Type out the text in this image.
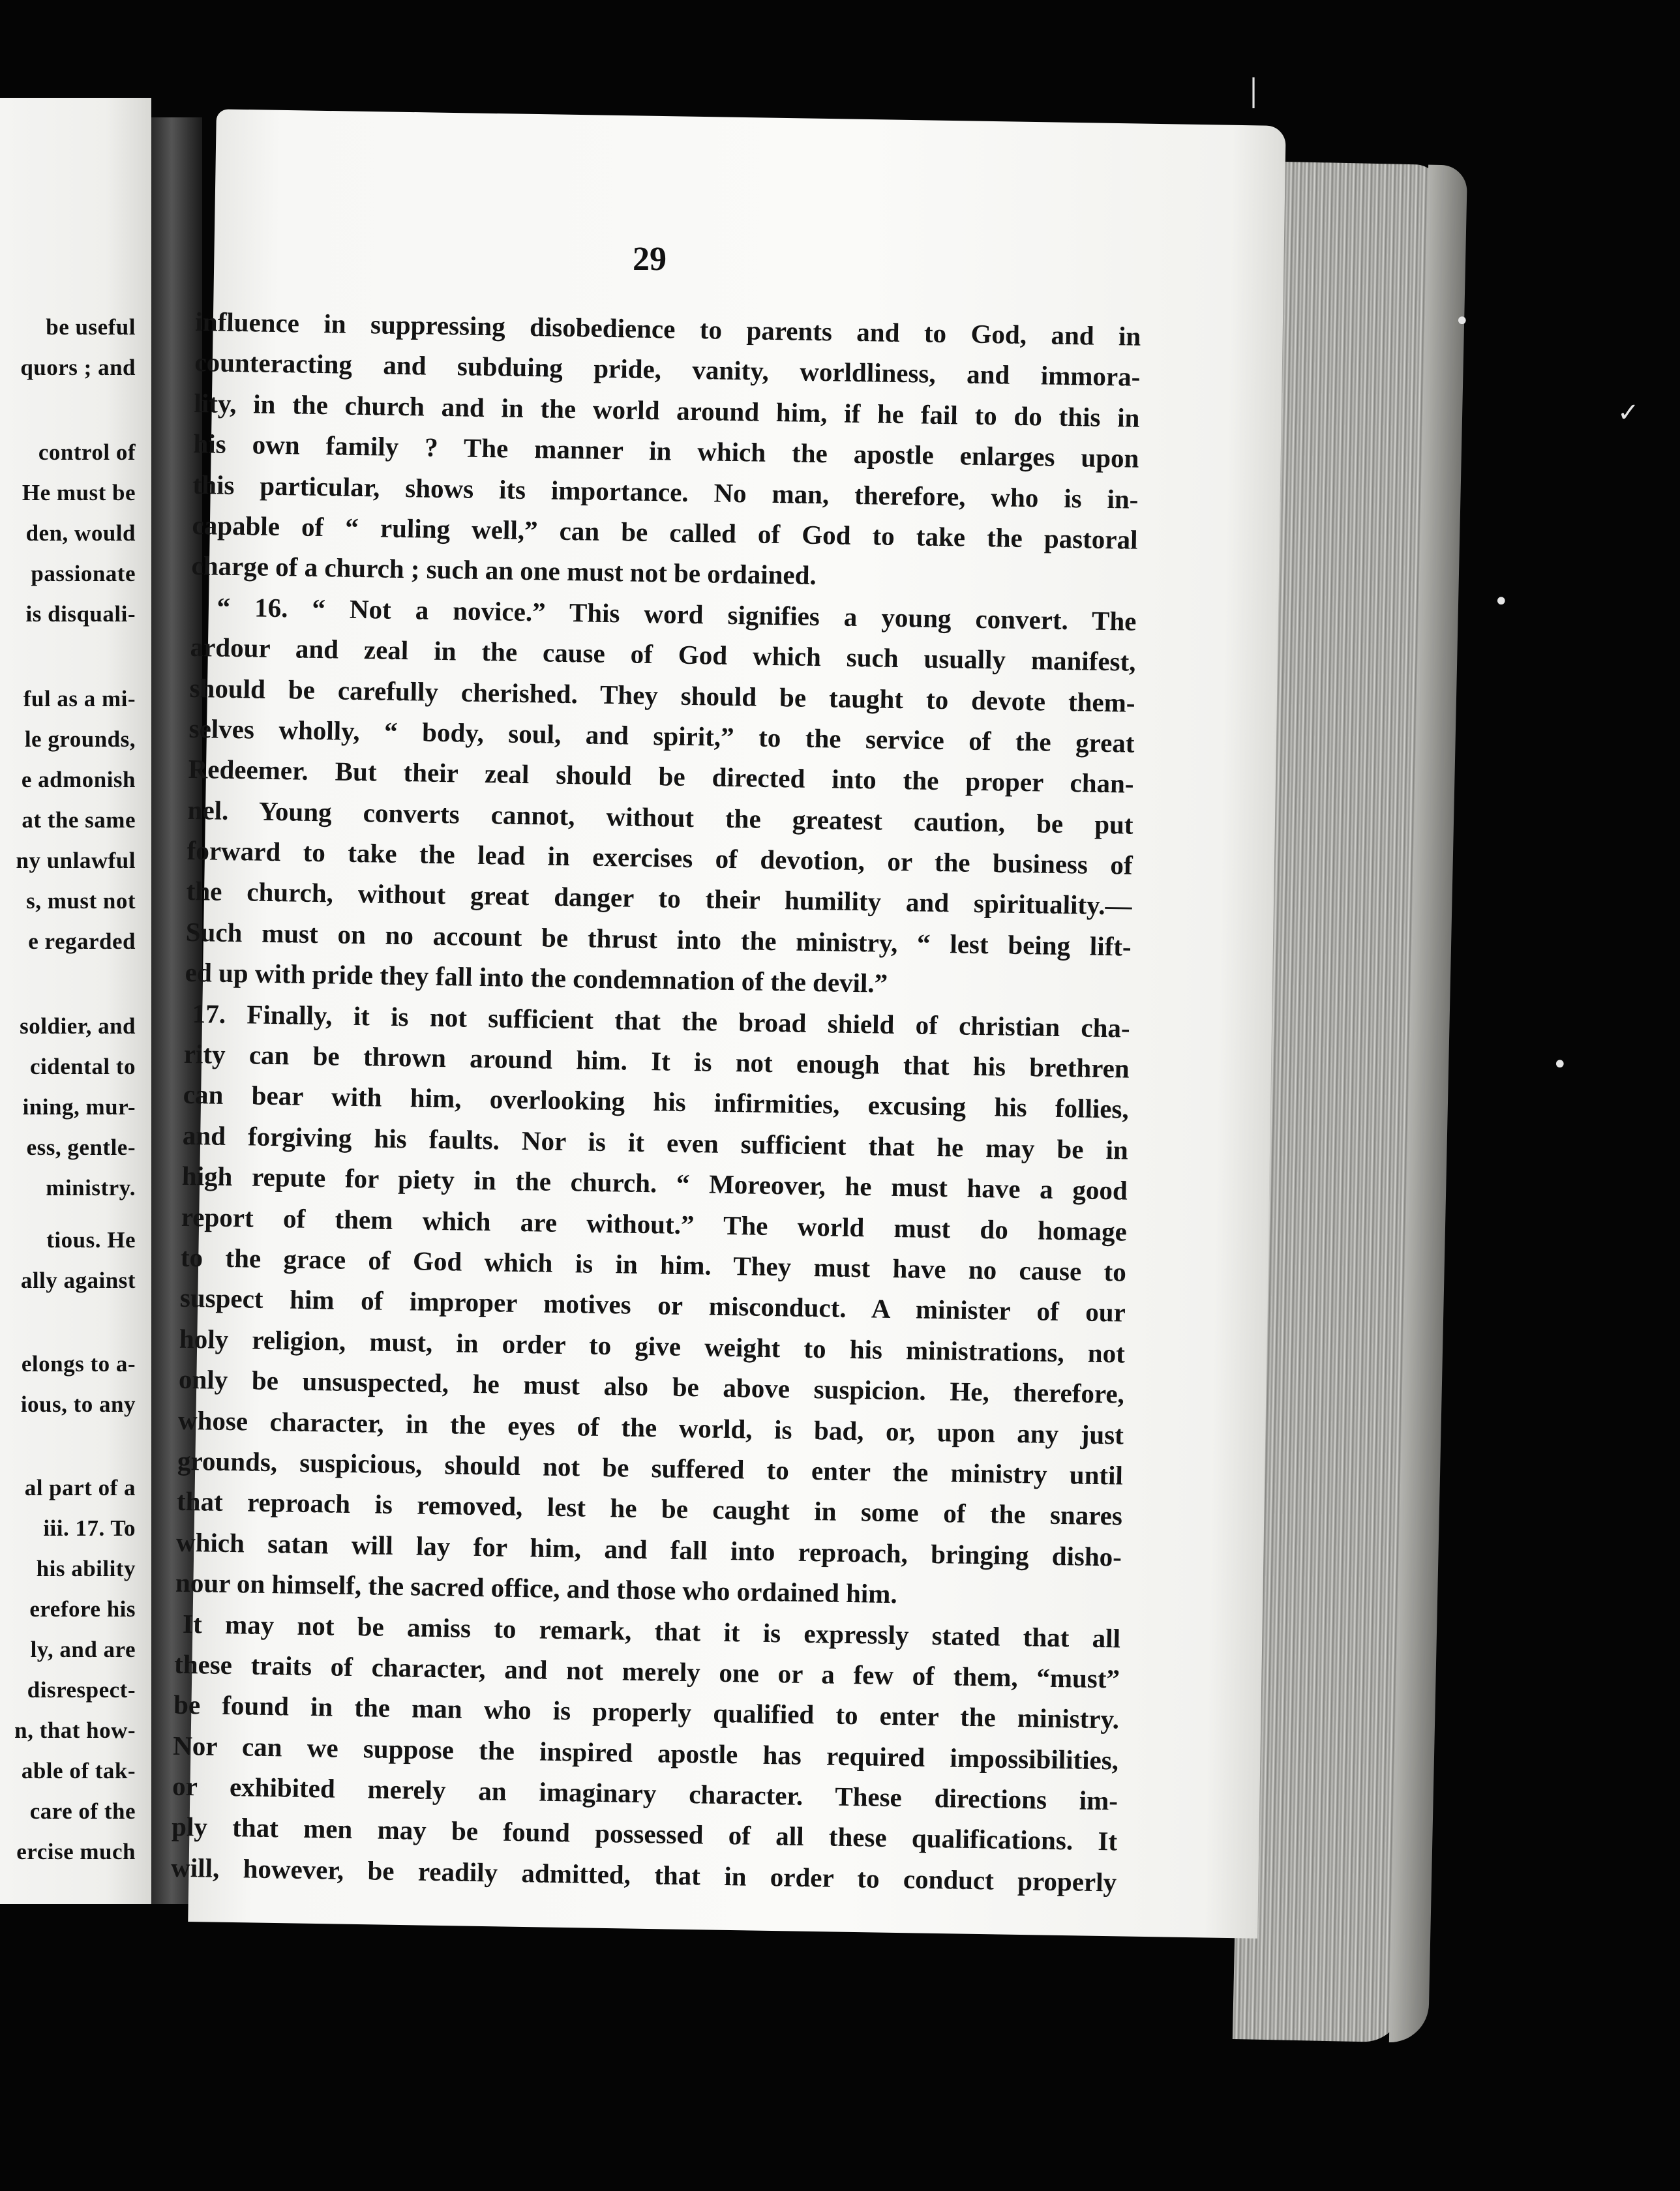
be useful
quors ; and
control of
He must be
den, would
passionate
is disquali-
ful as a mi-
le grounds,
e admonish
at the same
ny unlawful
s, must not
e regarded
soldier, and
cidental to
ining, mur-
ess, gentle-
ministry.
tious. He
ally against
elongs to a-
ious, to any
al part of a
iii. 17. To
his ability
erefore his
ly, and are
disrespect-
n, that how-
able of tak-
care of the
ercise much
29
influence in suppressing disobedience to parents and to God, and in
counteracting and subduing pride, vanity, worldliness, and immora-
lity, in the church and in the world around him, if he fail to do this in
his own family ? The manner in which the apostle enlarges upon
this particular, shows its importance. No man, therefore, who is in-
capable of “ ruling well,” can be called of God to take the pastoral
charge of a church ; such an one must not be ordained.
“ 16. “ Not a novice.” This word signifies a young convert. The
ardour and zeal in the cause of God which such usually manifest,
should be carefully cherished. They should be taught to devote them-
selves wholly, “ body, soul, and spirit,” to the service of the great
Redeemer. But their zeal should be directed into the proper chan-
nel. Young converts cannot, without the greatest caution, be put
forward to take the lead in exercises of devotion, or the business of
the church, without great danger to their humility and spirituality.—
Such must on no account be thrust into the ministry, “ lest being lift-
ed up with pride they fall into the condemnation of the devil.”
17. Finally, it is not sufficient that the broad shield of christian cha-
rity can be thrown around him. It is not enough that his brethren
can bear with him, overlooking his infirmities, excusing his follies,
and forgiving his faults. Nor is it even sufficient that he may be in
high repute for piety in the church. “ Moreover, he must have a good
report of them which are without.” The world must do homage
to the grace of God which is in him. They must have no cause to
suspect him of improper motives or misconduct. A minister of our
holy religion, must, in order to give weight to his ministrations, not
only be unsuspected, he must also be above suspicion. He, therefore,
whose character, in the eyes of the world, is bad, or, upon any just
grounds, suspicious, should not be suffered to enter the ministry until
that reproach is removed, lest he be caught in some of the snares
which satan will lay for him, and fall into reproach, bringing disho-
nour on himself, the sacred office, and those who ordained him.
It may not be amiss to remark, that it is expressly stated that all
these traits of character, and not merely one or a few of them, “must”
be found in the man who is properly qualified to enter the ministry.
Nor can we suppose the inspired apostle has required impossibilities,
or exhibited merely an imaginary character. These directions im-
ply that men may be found possessed of all these qualifications. It
will, however, be readily admitted, that in order to conduct properly
•
✓
•
•
│
